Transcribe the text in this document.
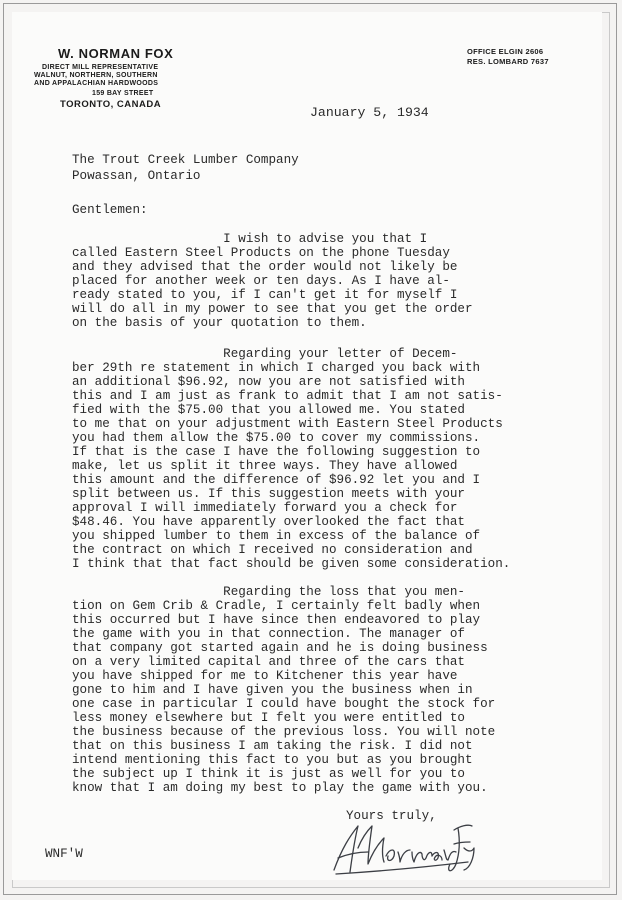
W. NORMAN FOX
DIRECT MILL REPRESENTATIVE
WALNUT, NORTHERN, SOUTHERN
AND APPALACHIAN HARDWOODS
159 BAY STREET
TORONTO, CANADA
OFFICE ELGIN 2606
RES. LOMBARD 7637
January 5, 1934
The Trout Creek Lumber Company
Powassan, Ontario
Gentlemen:
I wish to advise you that I
called Eastern Steel Products on the phone Tuesday
and they advised that the order would not likely be
placed for another week or ten days. As I have al-
ready stated to you, if I can't get it for myself I
will do all in my power to see that you get the order
on the basis of your quotation to them.
Regarding your letter of Decem-
ber 29th re statement in which I charged you back with
an additional $96.92, now you are not satisfied with
this and I am just as frank to admit that I am not satis-
fied with the $75.00 that you allowed me. You stated
to me that on your adjustment with Eastern Steel Products
you had them allow the $75.00 to cover my commissions.
If that is the case I have the following suggestion to
make, let us split it three ways. They have allowed
this amount and the difference of $96.92 let you and I
split between us. If this suggestion meets with your
approval I will immediately forward you a check for
$48.46. You have apparently overlooked the fact that
you shipped lumber to them in excess of the balance of
the contract on which I received no consideration and
I think that that fact should be given some consideration.
Regarding the loss that you men-
tion on Gem Crib & Cradle, I certainly felt badly when
this occurred but I have since then endeavored to play
the game with you in that connection. The manager of
that company got started again and he is doing business
on a very limited capital and three of the cars that
you have shipped for me to Kitchener this year have
gone to him and I have given you the business when in
one case in particular I could have bought the stock for
less money elsewhere but I felt you were entitled to
the business because of the previous loss. You will note
that on this business I am taking the risk. I did not
intend mentioning this fact to you but as you brought
the subject up I think it is just as well for you to
know that I am doing my best to play the game with you.
Yours truly,
WNF'W
